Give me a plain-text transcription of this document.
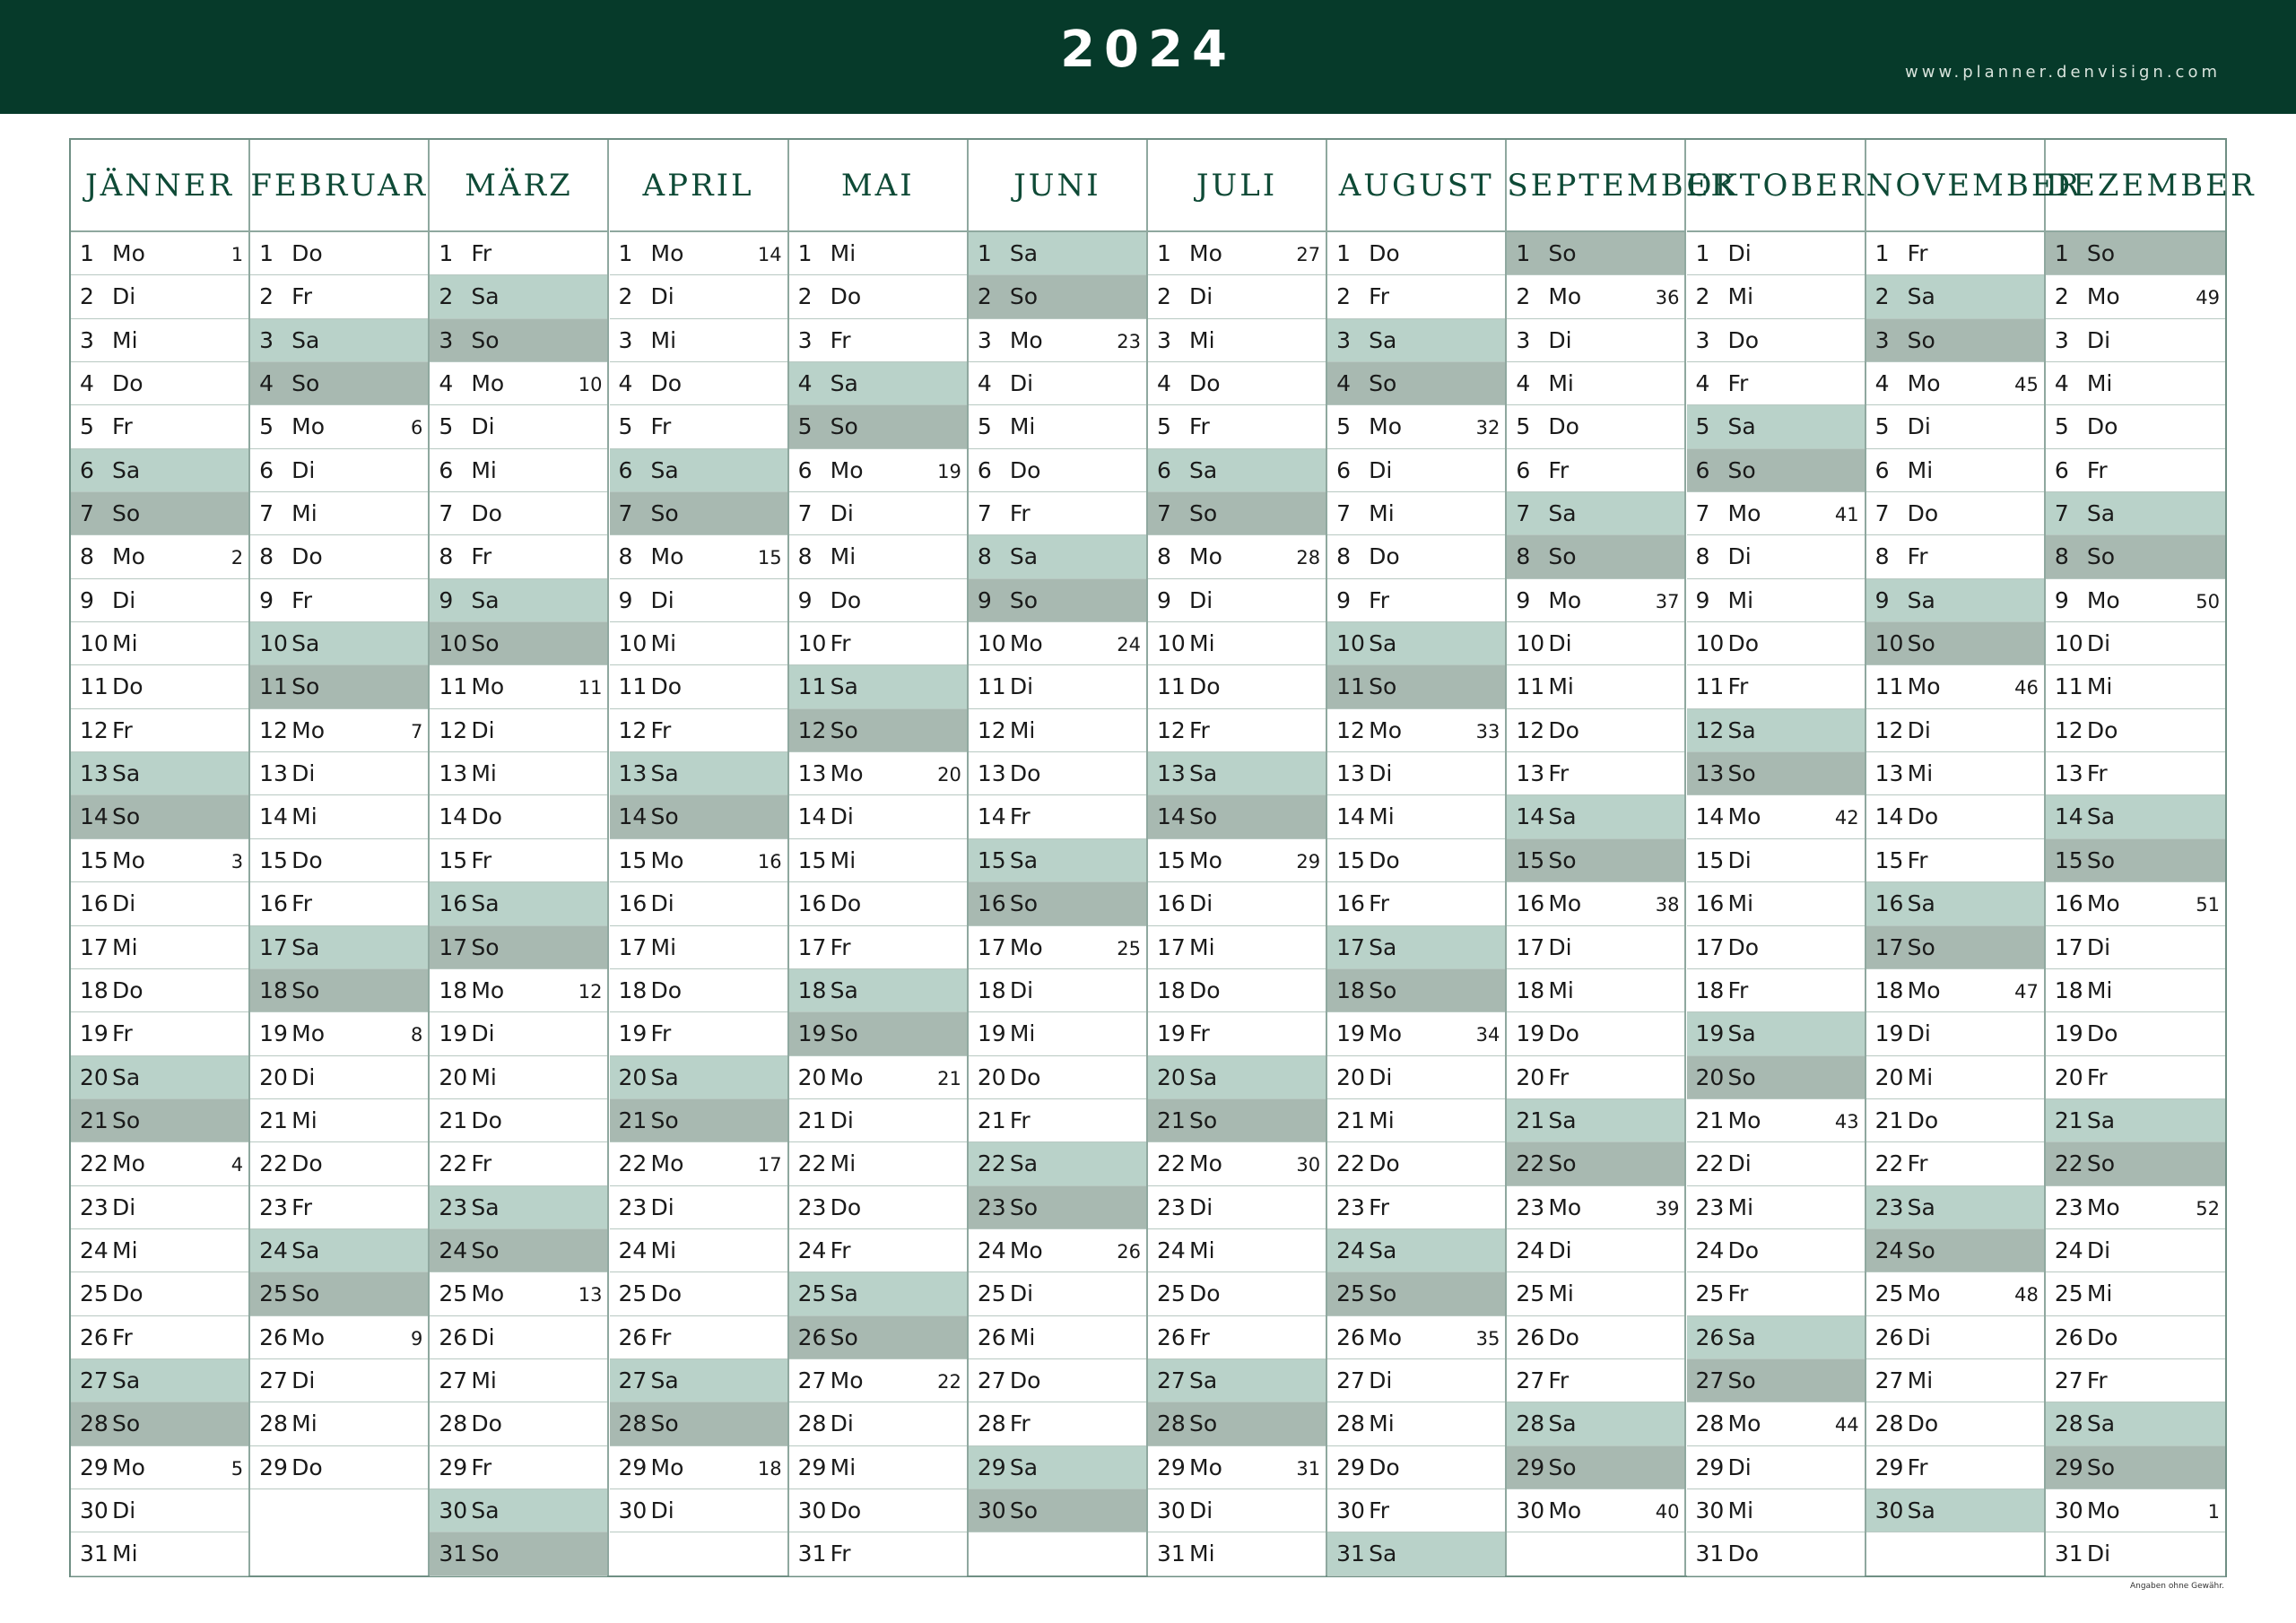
2024	www.planner.denvisign.com
JÄNNER
1 Mo	1
2 Di
3 Mi
4 Do
5 Fr
6 Sa
7 So
8 Mo	2
9 Di
10 Mi
11 Do
12 Fr
13 Sa
14 So
15 Mo	3
16 Di
17 Mi
18 Do
19 Fr
20 Sa
21 So
22 Mo	4
23 Di
24 Mi
25 Do
26 Fr
27 Sa
28 So
29 Mo	5
30 Di
31 Mi
FEBRUAR
1 Do
2 Fr
3 Sa
4 So
5 Mo	6
6 Di
7 Mi
8 Do
9 Fr
10 Sa
11 So
12 Mo	7
13 Di
14 Mi
15 Do
16 Fr
17 Sa
18 So
19 Mo	8
20 Di
21 Mi
22 Do
23 Fr
24 Sa
25 So
26 Mo	9
27 Di
28 Mi
29 Do
MÄRZ
1 Fr
2 Sa
3 So
4 Mo	10
5 Di
6 Mi
7 Do
8 Fr
9 Sa
10 So
11 Mo	11
12 Di
13 Mi
14 Do
15 Fr
16 Sa
17 So
18 Mo	12
19 Di
20 Mi
21 Do
22 Fr
23 Sa
24 So
25 Mo	13
26 Di
27 Mi
28 Do
29 Fr
30 Sa
31 So
APRIL
1 Mo	14
2 Di
3 Mi
4 Do
5 Fr
6 Sa
7 So
8 Mo	15
9 Di
10 Mi
11 Do
12 Fr
13 Sa
14 So
15 Mo	16
16 Di
17 Mi
18 Do
19 Fr
20 Sa
21 So
22 Mo	17
23 Di
24 Mi
25 Do
26 Fr
27 Sa
28 So
29 Mo	18
30 Di
MAI
1 Mi
2 Do
3 Fr
4 Sa
5 So
6 Mo	19
7 Di
8 Mi
9 Do
10 Fr
11 Sa
12 So
13 Mo	20
14 Di
15 Mi
16 Do
17 Fr
18 Sa
19 So
20 Mo	21
21 Di
22 Mi
23 Do
24 Fr
25 Sa
26 So
27 Mo	22
28 Di
29 Mi
30 Do
31 Fr
JUNI
1 Sa
2 So
3 Mo	23
4 Di
5 Mi
6 Do
7 Fr
8 Sa
9 So
10 Mo	24
11 Di
12 Mi
13 Do
14 Fr
15 Sa
16 So
17 Mo	25
18 Di
19 Mi
20 Do
21 Fr
22 Sa
23 So
24 Mo	26
25 Di
26 Mi
27 Do
28 Fr
29 Sa
30 So
JULI
1 Mo	27
2 Di
3 Mi
4 Do
5 Fr
6 Sa
7 So
8 Mo	28
9 Di
10 Mi
11 Do
12 Fr
13 Sa
14 So
15 Mo	29
16 Di
17 Mi
18 Do
19 Fr
20 Sa
21 So
22 Mo	30
23 Di
24 Mi
25 Do
26 Fr
27 Sa
28 So
29 Mo	31
30 Di
31 Mi
AUGUST
1 Do
2 Fr
3 Sa
4 So
5 Mo	32
6 Di
7 Mi
8 Do
9 Fr
10 Sa
11 So
12 Mo	33
13 Di
14 Mi
15 Do
16 Fr
17 Sa
18 So
19 Mo	34
20 Di
21 Mi
22 Do
23 Fr
24 Sa
25 So
26 Mo	35
27 Di
28 Mi
29 Do
30 Fr
31 Sa
SEPTEMBER
1 So
2 Mo	36
3 Di
4 Mi
5 Do
6 Fr
7 Sa
8 So
9 Mo	37
10 Di
11 Mi
12 Do
13 Fr
14 Sa
15 So
16 Mo	38
17 Di
18 Mi
19 Do
20 Fr
21 Sa
22 So
23 Mo	39
24 Di
25 Mi
26 Do
27 Fr
28 Sa
29 So
30 Mo	40
OKTOBER
1 Di
2 Mi
3 Do
4 Fr
5 Sa
6 So
7 Mo	41
8 Di
9 Mi
10 Do
11 Fr
12 Sa
13 So
14 Mo	42
15 Di
16 Mi
17 Do
18 Fr
19 Sa
20 So
21 Mo	43
22 Di
23 Mi
24 Do
25 Fr
26 Sa
27 So
28 Mo	44
29 Di
30 Mi
31 Do
NOVEMBER
1 Fr
2 Sa
3 So
4 Mo	45
5 Di
6 Mi
7 Do
8 Fr
9 Sa
10 So
11 Mo	46
12 Di
13 Mi
14 Do
15 Fr
16 Sa
17 So
18 Mo	47
19 Di
20 Mi
21 Do
22 Fr
23 Sa
24 So
25 Mo	48
26 Di
27 Mi
28 Do
29 Fr
30 Sa
DEZEMBER
1 So
2 Mo	49
3 Di
4 Mi
5 Do
6 Fr
7 Sa
8 So
9 Mo	50
10 Di
11 Mi
12 Do
13 Fr
14 Sa
15 So
16 Mo	51
17 Di
18 Mi
19 Do
20 Fr
21 Sa
22 So
23 Mo	52
24 Di
25 Mi
26 Do
27 Fr
28 Sa
29 So
30 Mo	1
31 Di
Angaben ohne Gewähr.
